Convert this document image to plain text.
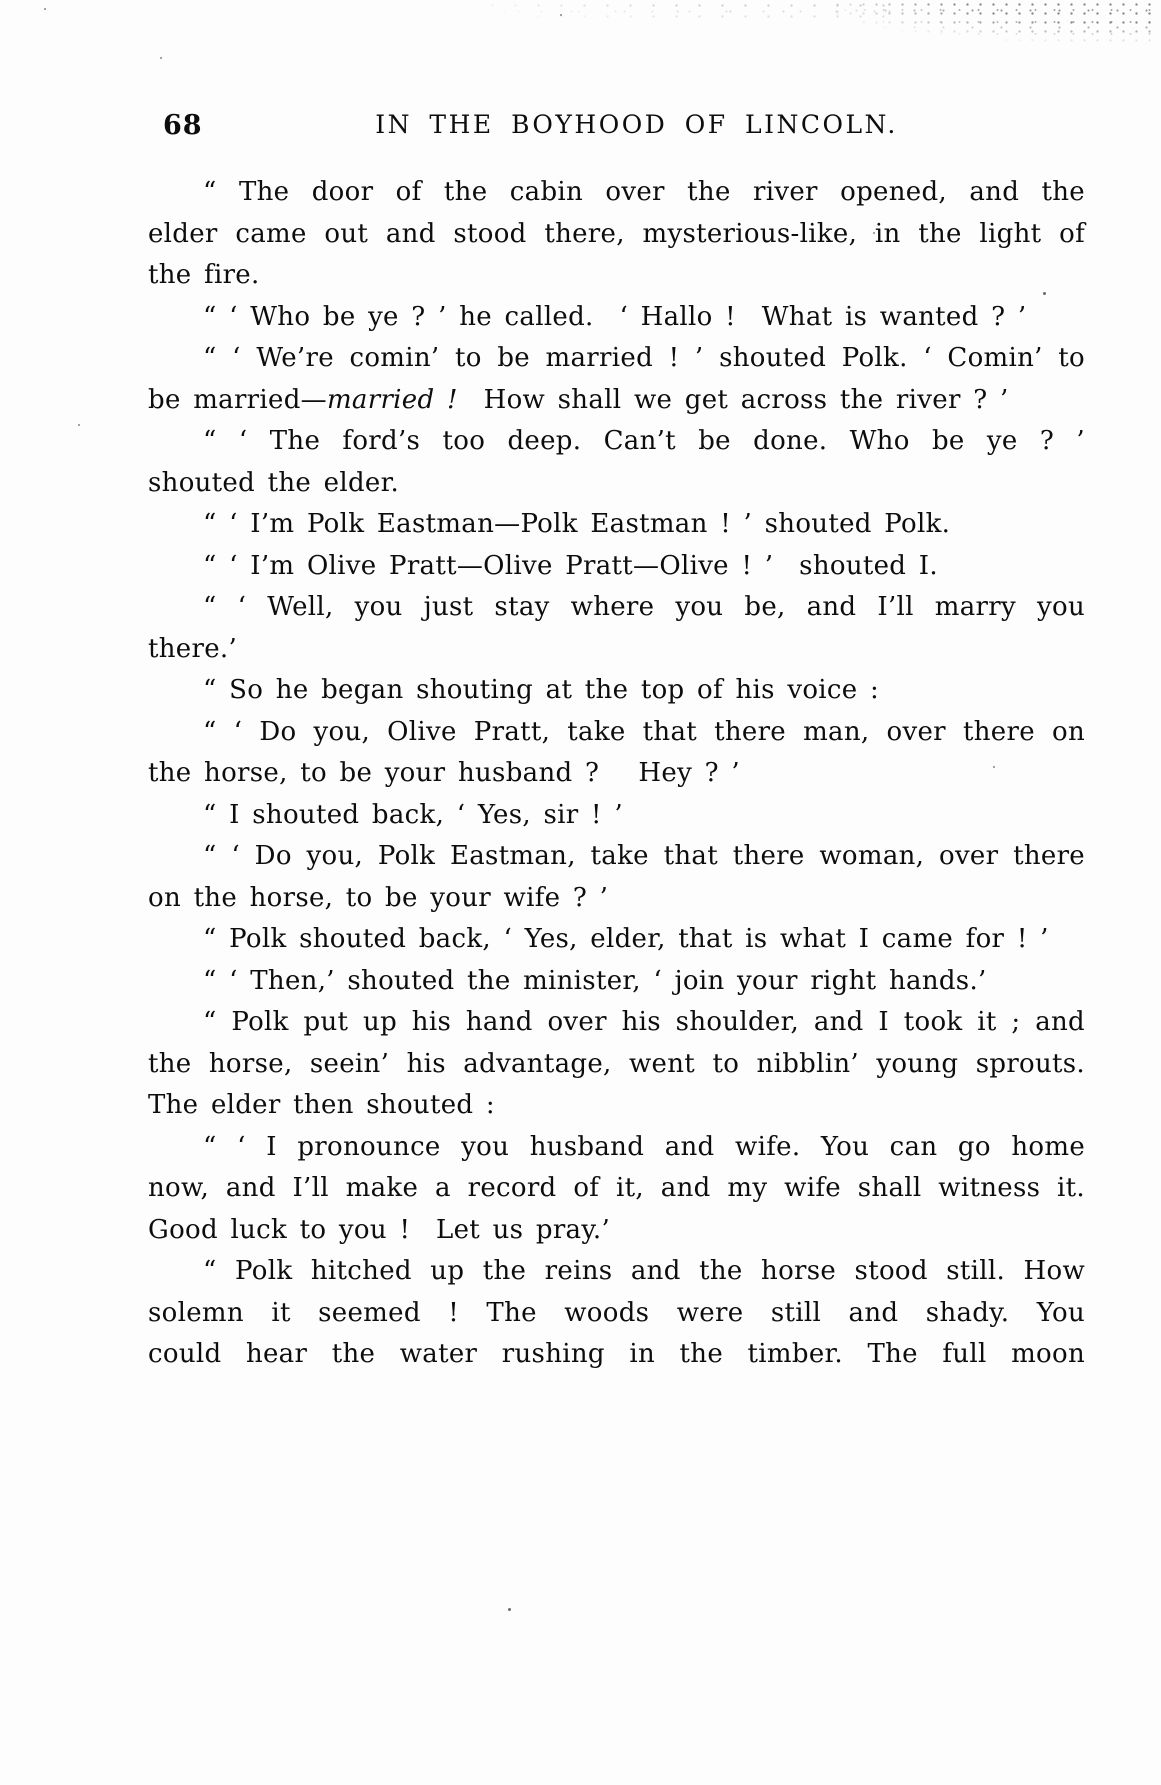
68	IN THE BOYHOOD OF LINCOLN.
“ The door of the cabin over the river opened, and the
elder came out and stood there, mysterious-like, in the light of
the fire.
“ ‘ Who be ye ? ’ he called.  ‘ Hallo !  What is wanted ? ’
“ ‘ We’re comin’ to be married ! ’ shouted Polk. ‘ Comin’ to
be married—married !  How shall we get across the river ? ’
“ ‘ The ford’s too deep. Can’t be done. Who be ye ? ’
shouted the elder.
“ ‘ I’m Polk Eastman—Polk Eastman ! ’ shouted Polk.
“ ‘ I’m Olive Pratt—Olive Pratt—Olive ! ’  shouted I.
“ ‘ Well, you just stay where you be, and I’ll marry you
there.’
“ So he began shouting at the top of his voice :
“ ‘ Do you, Olive Pratt, take that there man, over there on
the horse, to be your husband ?   Hey ? ’
“ I shouted back, ‘ Yes, sir ! ’
“ ‘ Do you, Polk Eastman, take that there woman, over there
on the horse, to be your wife ? ’
“ Polk shouted back, ‘ Yes, elder, that is what I came for ! ’
“ ‘ Then,’ shouted the minister, ‘ join your right hands.’
“ Polk put up his hand over his shoulder, and I took it ; and
the horse, seein’ his advantage, went to nibblin’ young sprouts.
The elder then shouted :
“ ‘ I pronounce you husband and wife. You can go home
now, and I’ll make a record of it, and my wife shall witness it.
Good luck to you !  Let us pray.’
“ Polk hitched up the reins and the horse stood still. How
solemn it seemed ! The woods were still and shady. You
could hear the water rushing in the timber. The full moon
